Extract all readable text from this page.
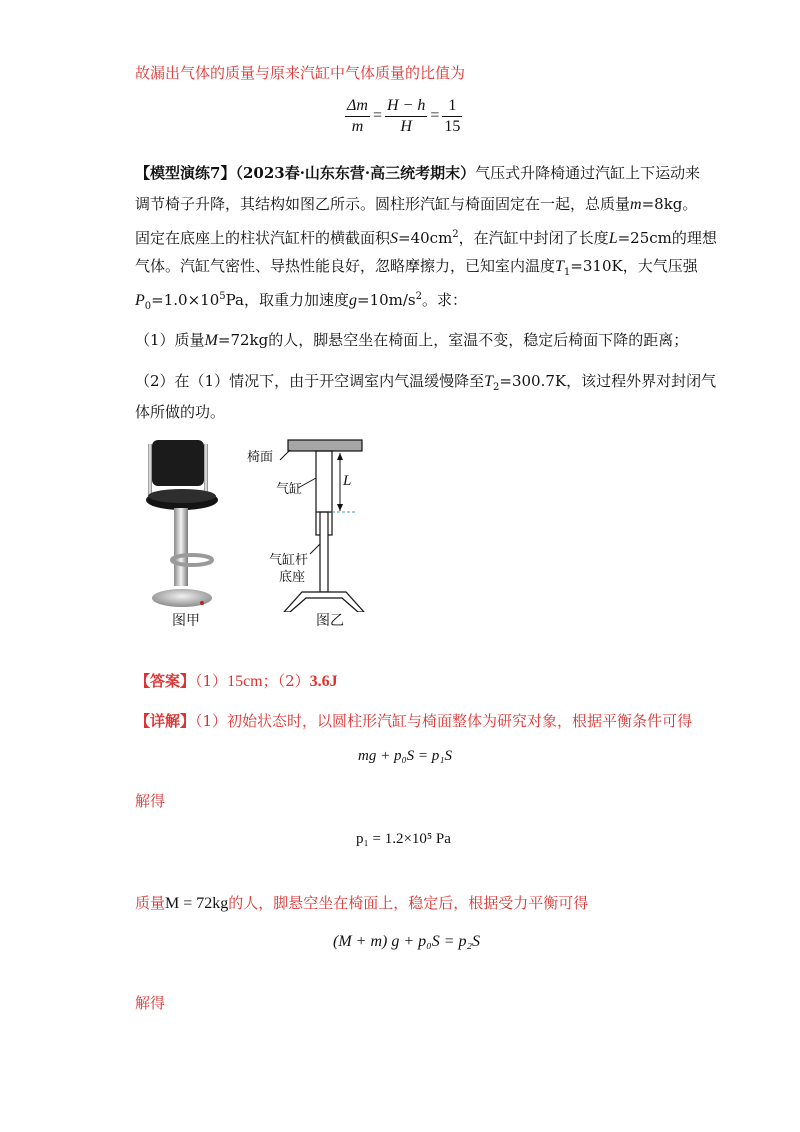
故漏出气体的质量与原来汽缸中气体质量的比值为
$\frac{\Delta m}{m} = \frac{H - h}{H} = \frac{1}{15}$
【模型演练7】（2023春·山东东营·高三统考期末）气压式升降椅通过汽缸上下运动来
调节椅子升降，其结构如图乙所示。圆柱形汽缸与椅面固定在一起，总质量m=8kg。
固定在底座上的柱状汽缸杆的横截面积$S=40cm^2$，在汽缸中封闭了长度L=25cm的理想
气体。汽缸气密性、导热性能良好，忽略摩擦力，已知室内温度$T_1=310K$，大气压强
$P_0=1.0\times 10^5Pa$，取重力加速度$g=10m/s^2$。求：
（1）质量M=72kg的人，脚悬空坐在椅面上，室温不变，稳定后椅面下降的距离；
（2）在（1）情况下，由于开空调室内气温缓慢降至$T_2=300.7K$，该过程外界对封闭气
体所做的功。
图甲
椅面
气缸
L
气缸杆
底座
图乙
【答案】（1）15cm；（2）3.6J
【详解】（1）初始状态时，以圆柱形汽缸与椅面整体为研究对象，根据平衡条件可得
mg + p₀S = p₁S
解得
p₁ = 1.2×10⁵ Pa
质量M = 72kg的人，脚悬空坐在椅面上，稳定后，根据受力平衡可得
(M + m) g + p₀S = p₂S
解得
